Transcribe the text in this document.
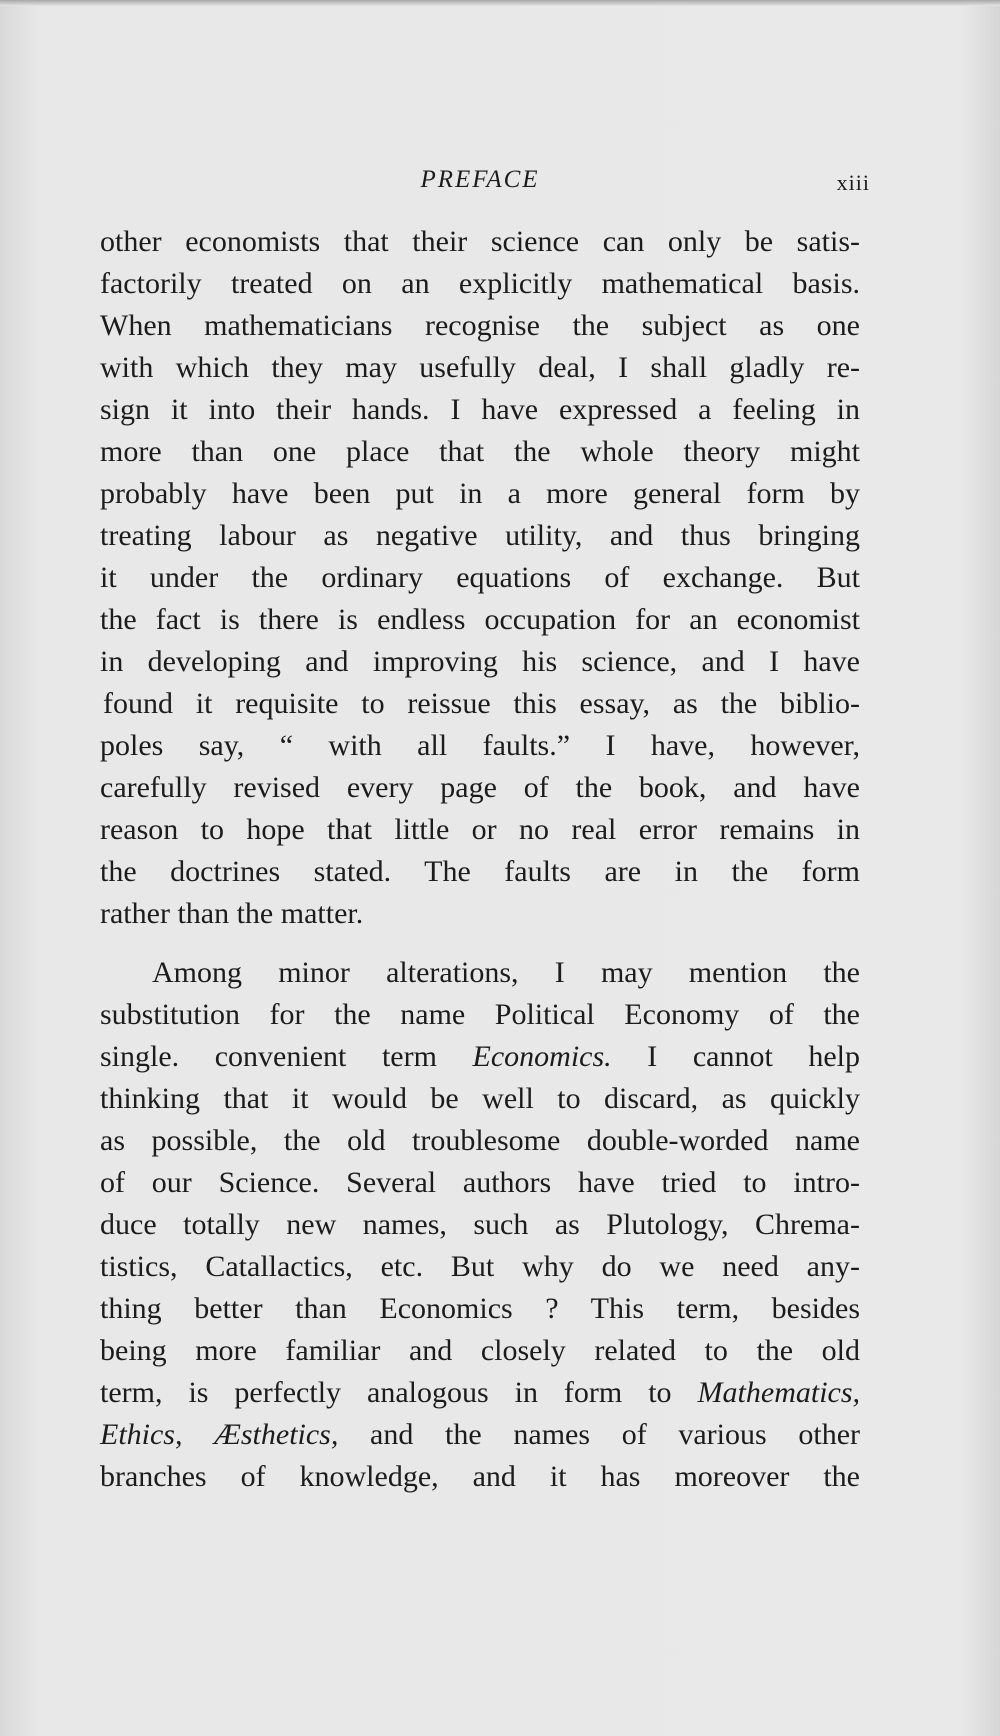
PREFACE	xiii
other economists that their science can only be satis-
factorily treated on an explicitly mathematical basis.
When mathematicians recognise the subject as one
with which they may usefully deal, I shall gladly re-
sign it into their hands. I have expressed a feeling in
more than one place that the whole theory might
probably have been put in a more general form by
treating labour as negative utility, and thus bringing
it under the ordinary equations of exchange. But
the fact is there is endless occupation for an economist
in developing and improving his science, and I have
found it requisite to reissue this essay, as the biblio-
poles say, “ with all faults.” I have, however,
carefully revised every page of the book, and have
reason to hope that little or no real error remains in
the doctrines stated. The faults are in the form
rather than the matter.
Among minor alterations, I may mention the
substitution for the name Political Economy of the
single. convenient term Economics. I cannot help
thinking that it would be well to discard, as quickly
as possible, the old troublesome double-worded name
of our Science. Several authors have tried to intro-
duce totally new names, such as Plutology, Chrema-
tistics, Catallactics, etc. But why do we need any-
thing better than Economics ? This term, besides
being more familiar and closely related to the old
term, is perfectly analogous in form to Mathematics,
Ethics, Æsthetics, and the names of various other
branches of knowledge, and it has moreover the
